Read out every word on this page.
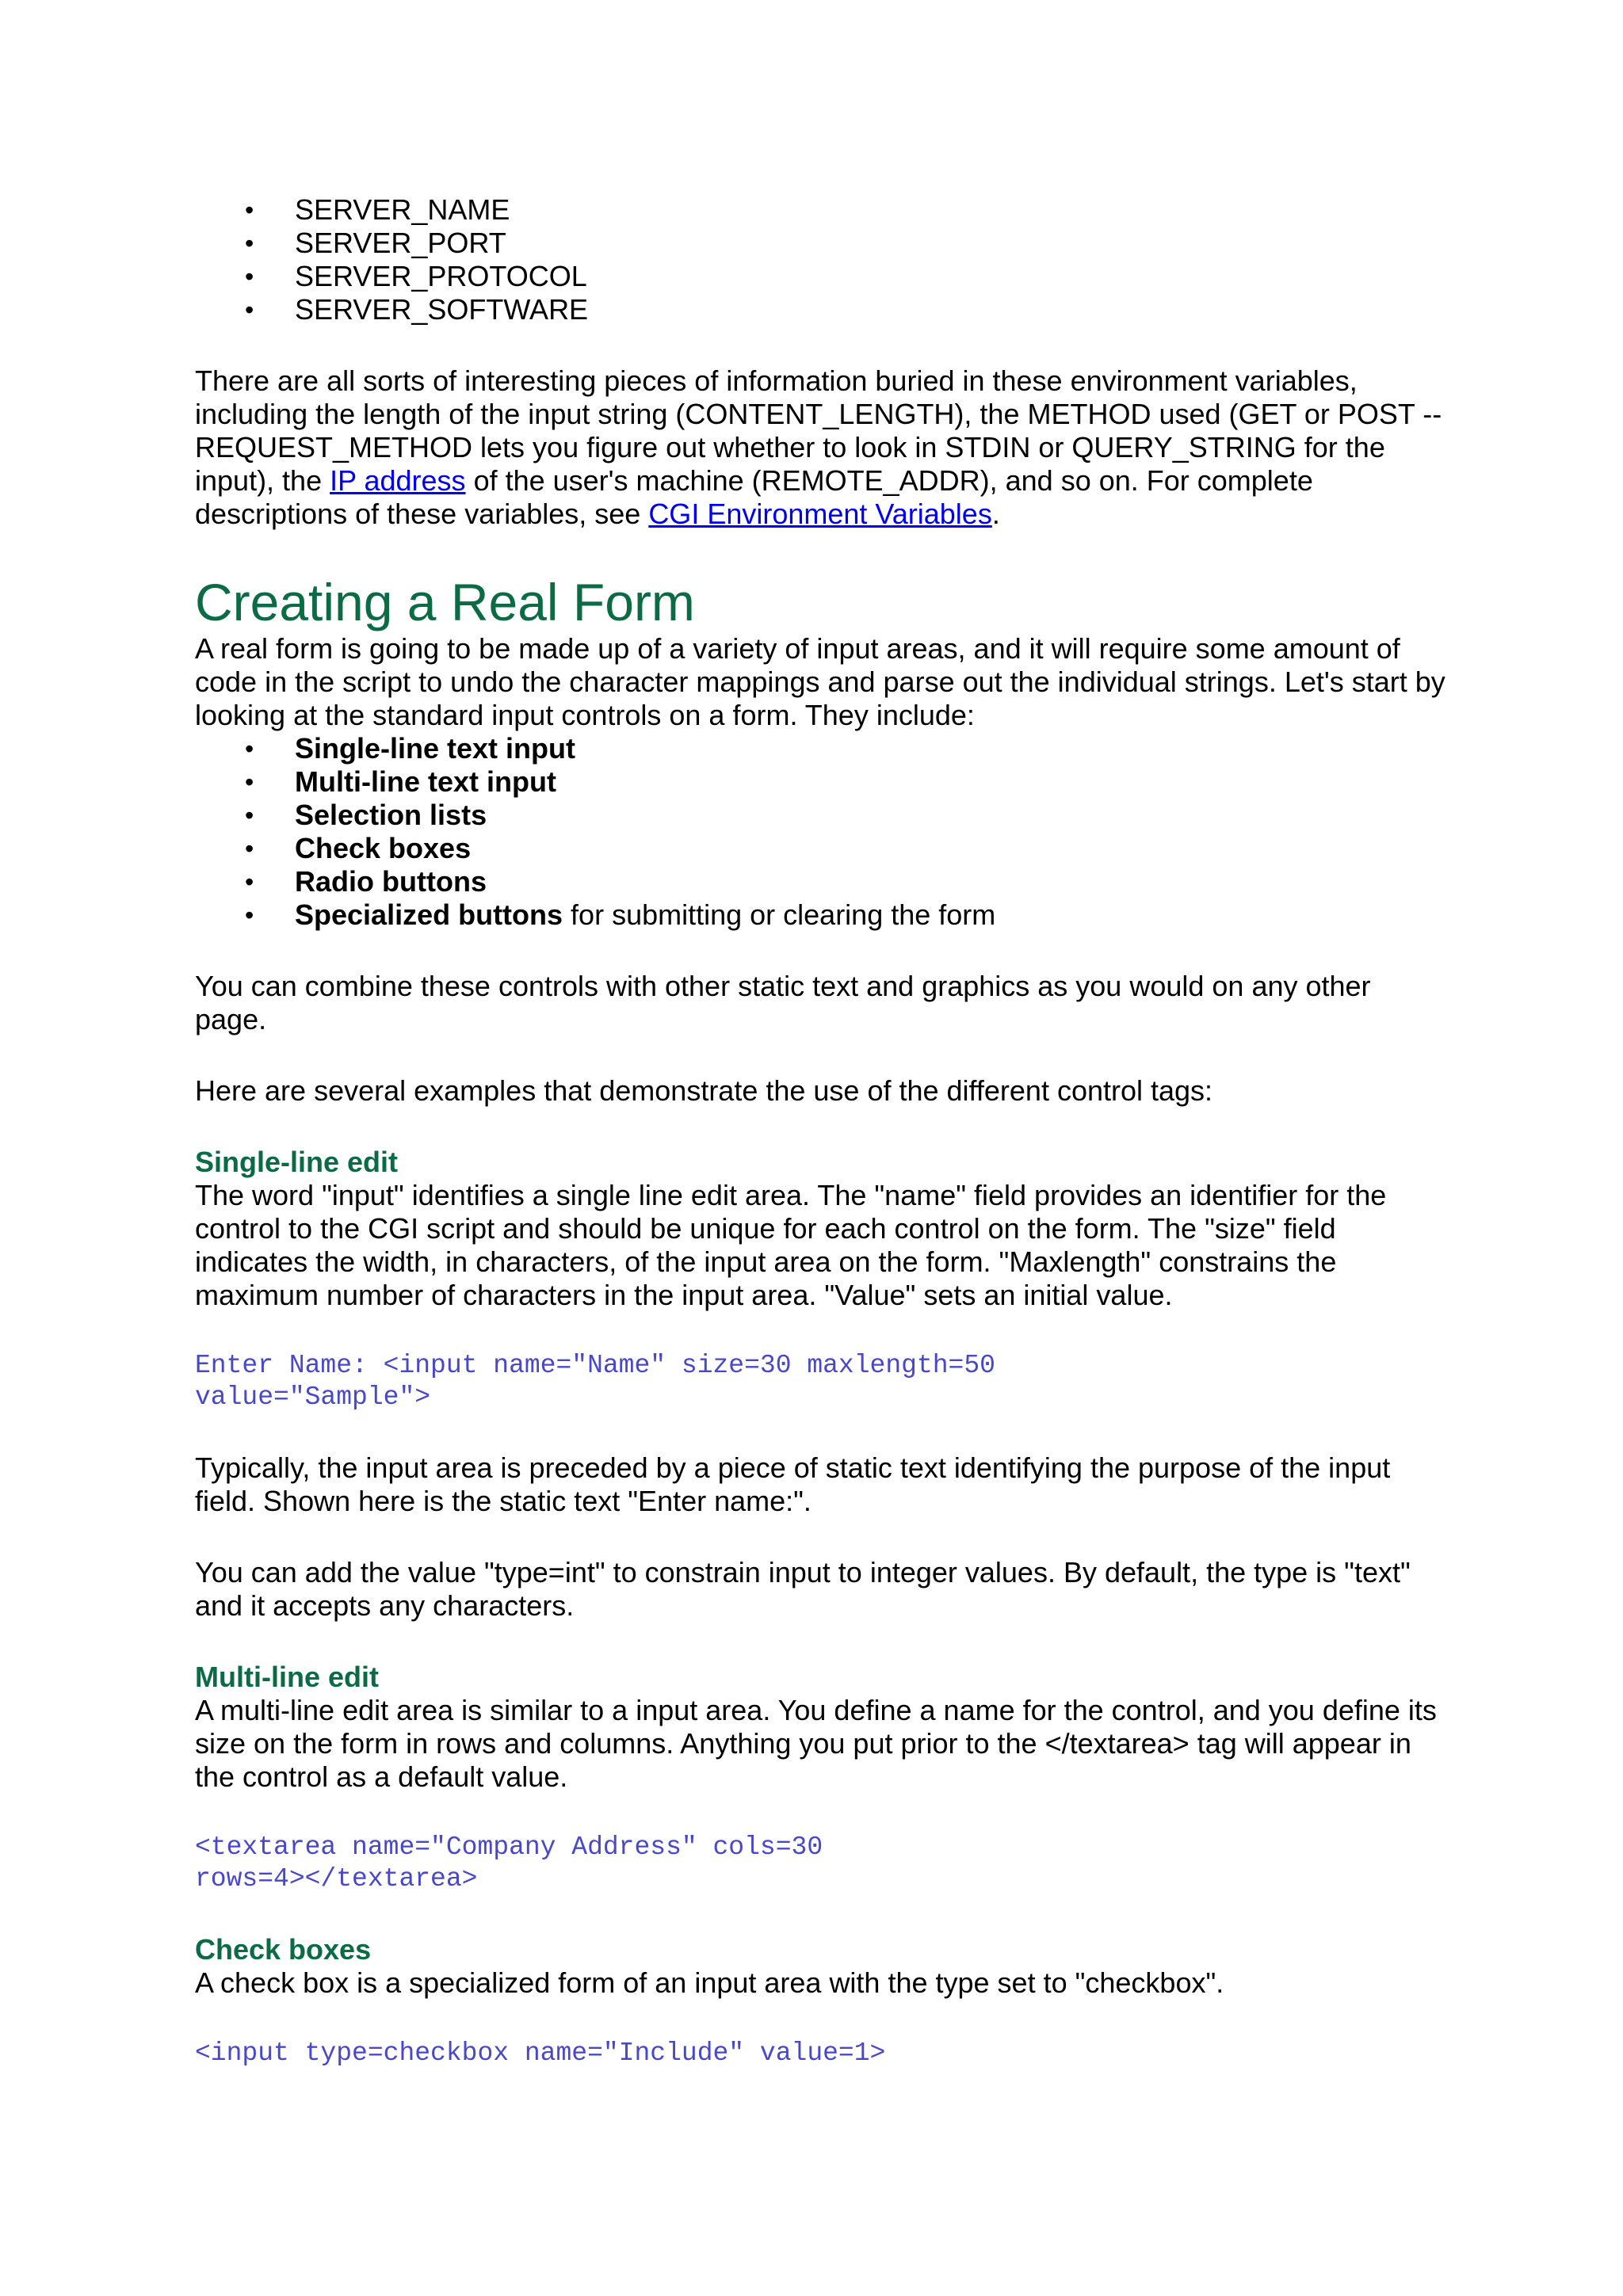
• SERVER_NAME
• SERVER_PORT
• SERVER_PROTOCOL
• SERVER_SOFTWARE

There are all sorts of interesting pieces of information buried in these environment variables, including the length of the input string (CONTENT_LENGTH), the METHOD used (GET or POST -- REQUEST_METHOD lets you figure out whether to look in STDIN or QUERY_STRING for the input), the IP address of the user's machine (REMOTE_ADDR), and so on. For complete descriptions of these variables, see CGI Environment Variables.

Creating a Real Form

A real form is going to be made up of a variety of input areas, and it will require some amount of code in the script to undo the character mappings and parse out the individual strings. Let's start by looking at the standard input controls on a form. They include:

• Single-line text input
• Multi-line text input
• Selection lists
• Check boxes
• Radio buttons
• Specialized buttons for submitting or clearing the form

You can combine these controls with other static text and graphics as you would on any other page.

Here are several examples that demonstrate the use of the different control tags:

Single-line edit

The word "input" identifies a single line edit area. The "name" field provides an identifier for the control to the CGI script and should be unique for each control on the form. The "size" field indicates the width, in characters, of the input area on the form. "Maxlength" constrains the maximum number of characters in the input area. "Value" sets an initial value.

Enter Name: <input name="Name" size=30 maxlength=50
value="Sample">

Typically, the input area is preceded by a piece of static text identifying the purpose of the input field. Shown here is the static text "Enter name:".

You can add the value "type=int" to constrain input to integer values. By default, the type is "text" and it accepts any characters.

Multi-line edit

A multi-line edit area is similar to a input area. You define a name for the control, and you define its size on the form in rows and columns. Anything you put prior to the </textarea> tag will appear in the control as a default value.

<textarea name="Company Address" cols=30
rows=4></textarea>
Check boxes

A check box is a specialized form of an input area with the type set to "checkbox".

<input type=checkbox name="Include" value=1>
